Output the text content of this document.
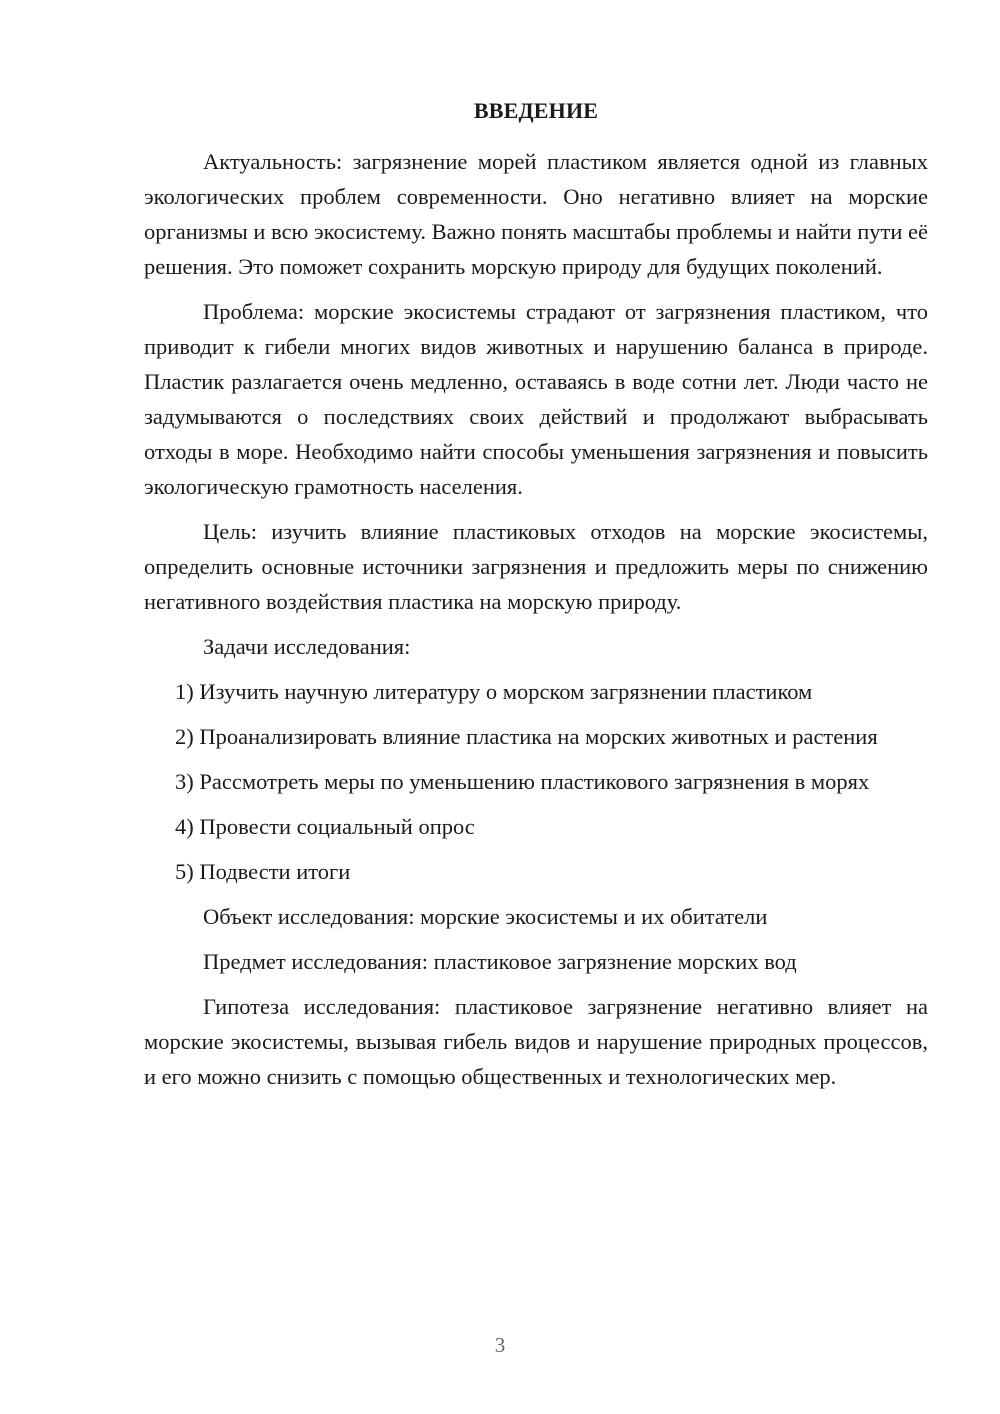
ВВЕДЕНИЕ

Актуальность: загрязнение морей пластиком является одной из главных экологических проблем современности. Оно негативно влияет на морские организмы и всю экосистему. Важно понять масштабы проблемы и найти пути её решения. Это поможет сохранить морскую природу для будущих поколений.

Проблема: морские экосистемы страдают от загрязнения пластиком, что приводит к гибели многих видов животных и нарушению баланса в природе. Пластик разлагается очень медленно, оставаясь в воде сотни лет. Люди часто не задумываются о последствиях своих действий и продолжают выбрасывать отходы в море. Необходимо найти способы уменьшения загрязнения и повысить экологическую грамотность населения.

Цель: изучить влияние пластиковых отходов на морские экосистемы, определить основные источники загрязнения и предложить меры по снижению негативного воздействия пластика на морскую природу.

Задачи исследования:

1) Изучить научную литературу о морском загрязнении пластиком

2) Проанализировать влияние пластика на морских животных и растения

3) Рассмотреть меры по уменьшению пластикового загрязнения в морях

4) Провести социальный опрос

5) Подвести итоги

Объект исследования: морские экосистемы и их обитатели

Предмет исследования: пластиковое загрязнение морских вод

Гипотеза исследования: пластиковое загрязнение негативно влияет на морские экосистемы, вызывая гибель видов и нарушение природных процессов, и его можно снизить с помощью общественных и технологических мер.

3
